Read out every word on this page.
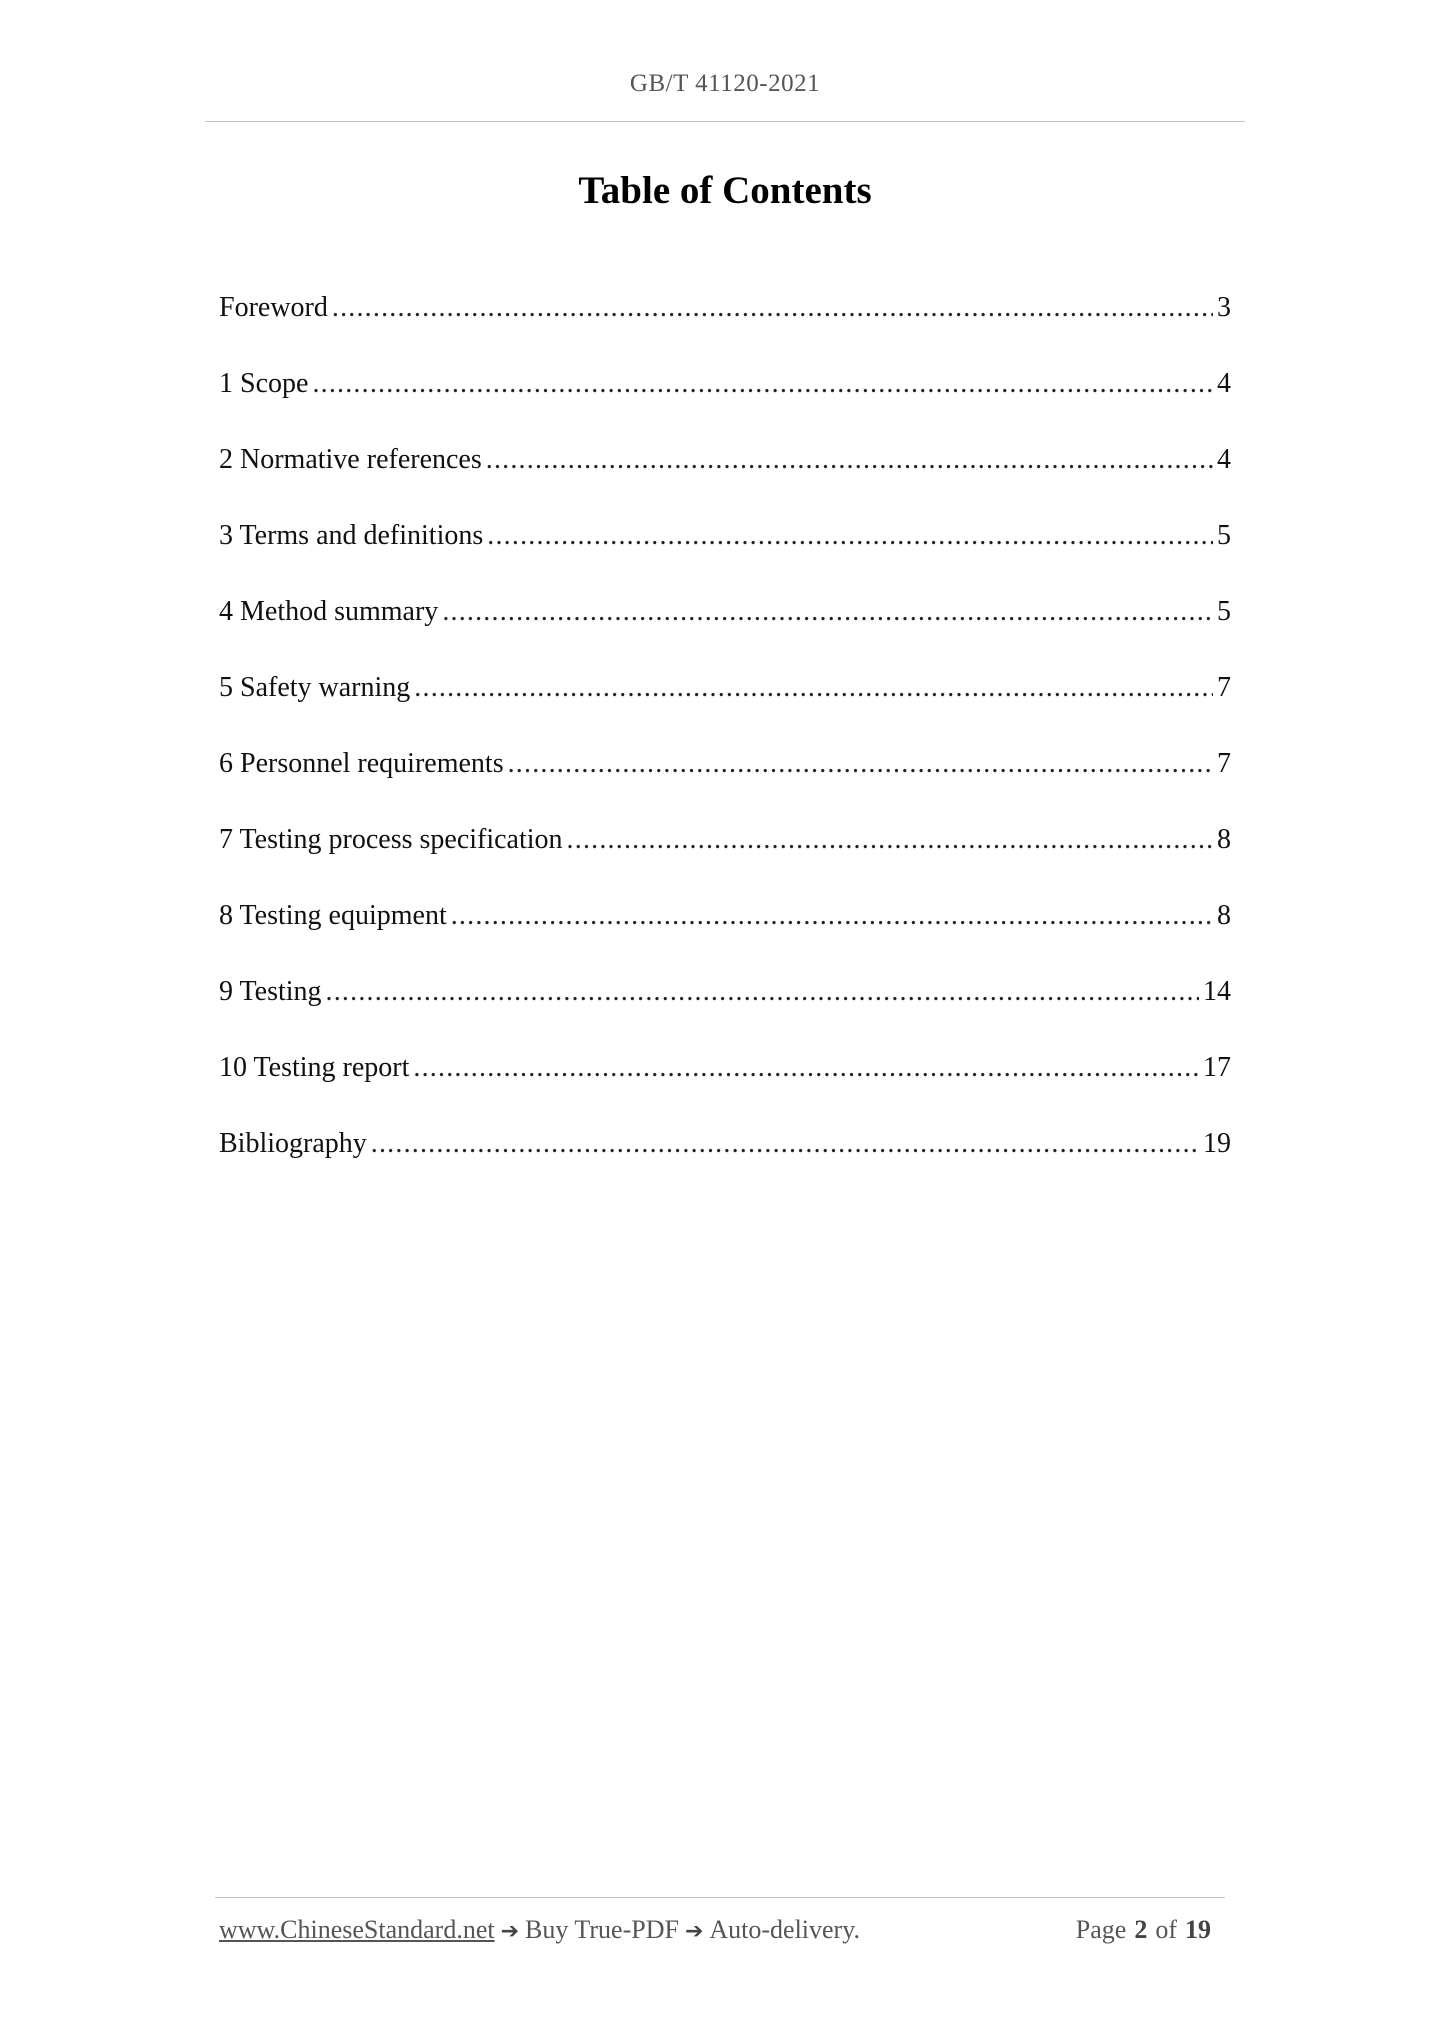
GB/T 41120-2021
Table of Contents
Foreword .....	3
1 Scope .....	4
2 Normative references .....	4
3 Terms and definitions .....	5
4 Method summary .....	5
5 Safety warning .....	7
6 Personnel requirements .....	7
7 Testing process specification .....	8
8 Testing equipment .....	8
9 Testing .....	14
10 Testing report .....	17
Bibliography .....	19
www.ChineseStandard.net ➔ Buy True-PDF ➔ Auto-delivery.	Page 2 of 19
